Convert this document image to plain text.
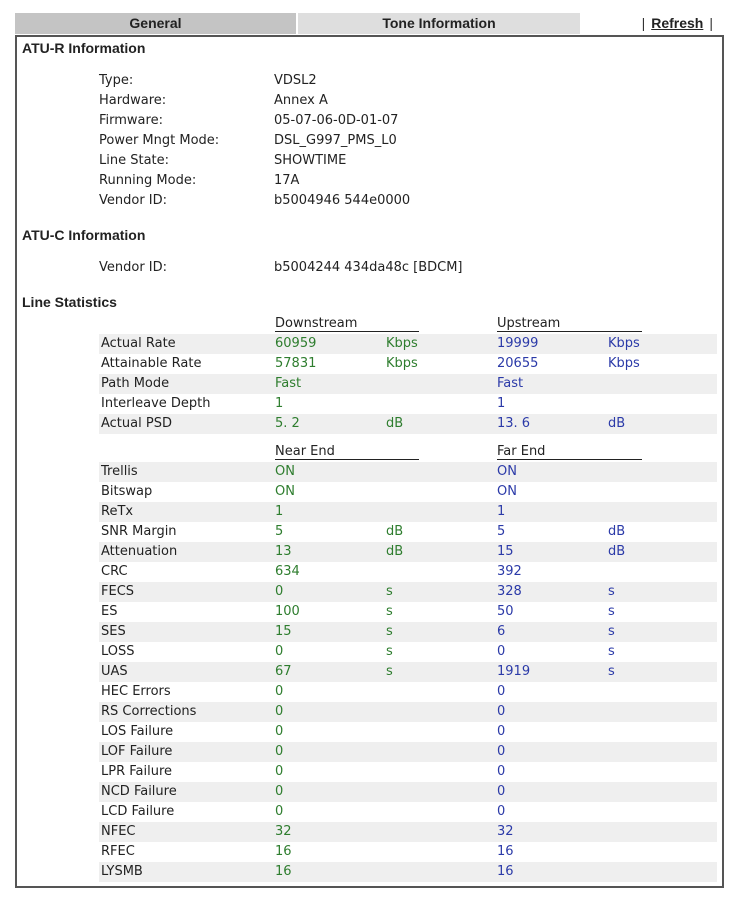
General	Tone Information	| Refresh |
ATU-R Information
ATU-C Information
Line Statistics
Downstream	Upstream
Near End	Far End
Type:	VDSL2
Hardware:	Annex A
Firmware:	05-07-06-0D-01-07
Power Mngt Mode:	DSL_G997_PMS_L0
Line State:	SHOWTIME
Running Mode:	17A
Vendor ID:	b5004946 544e0000
Vendor ID:	b5004244 434da48c [BDCM]
Actual Rate	60959	Kbps	19999	Kbps
Attainable Rate	57831	Kbps	20655	Kbps
Path Mode	Fast	Fast
Interleave Depth	1	1
Actual PSD	5. 2	dB	13. 6	dB
Trellis	ON	ON
Bitswap	ON	ON
ReTx	1	1
SNR Margin	5	dB	5	dB
Attenuation	13	dB	15	dB
CRC	634	392
FECS	0	s	328	s
ES	100	s	50	s
SES	15	s	6	s
LOSS	0	s	0	s
UAS	67	s	1919	s
HEC Errors	0	0
RS Corrections	0	0
LOS Failure	0	0
LOF Failure	0	0
LPR Failure	0	0
NCD Failure	0	0
LCD Failure	0	0
NFEC	32	32
RFEC	16	16
LYSMB	16	16
